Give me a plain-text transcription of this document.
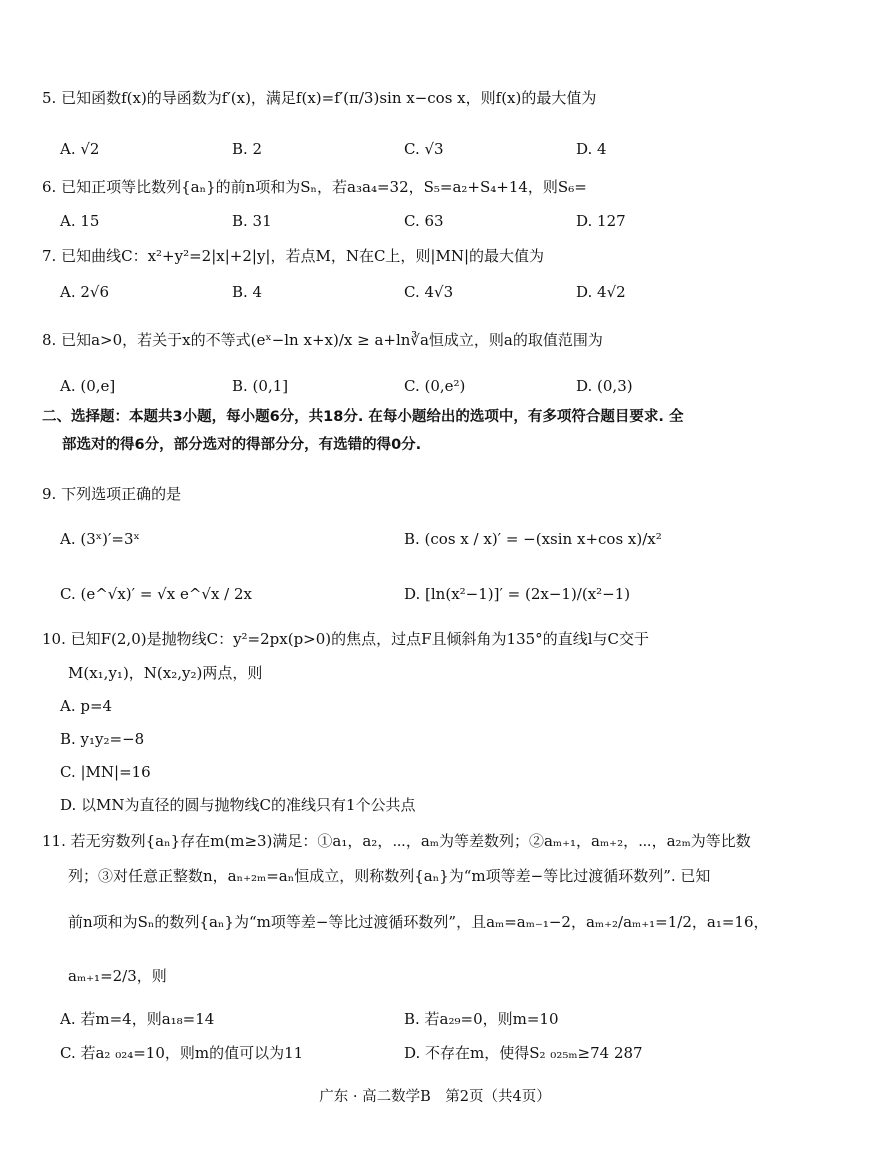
5. 已知函数f(x)的导函数为f′(x)，满足f(x)=f′(π/3)sin x−cos x，则f(x)的最大值为
A. √2	B. 2	C. √3	D. 4
6. 已知正项等比数列{aₙ}的前n项和为Sₙ，若a₃a₄=32，S₅=a₂+S₄+14，则S₆=
A. 15	B. 31	C. 63	D. 127
7. 已知曲线C：x²+y²=2|x|+2|y|，若点M，N在C上，则|MN|的最大值为
A. 2√6	B. 4	C. 4√3	D. 4√2
8. 已知a>0，若关于x的不等式(eˣ−ln x+x)/x ≥ a+ln∛a恒成立，则a的取值范围为
A. (0,e]	B. (0,1]	C. (0,e²)	D. (0,3)
二、选择题：本题共3小题，每小题6分，共18分. 在每小题给出的选项中，有多项符合题目要求. 全
部选对的得6分，部分选对的得部分分，有选错的得0分.
9. 下列选项正确的是
A. (3ˣ)′=3ˣ	B. (cos x / x)′ = −(xsin x+cos x)/x²
C. (e^√x)′ = √x e^√x / 2x	D. [ln(x²−1)]′ = (2x−1)/(x²−1)
10. 已知F(2,0)是抛物线C：y²=2px(p>0)的焦点，过点F且倾斜角为135°的直线l与C交于
M(x₁,y₁)，N(x₂,y₂)两点，则
A. p=4
B. y₁y₂=−8
C. |MN|=16
D. 以MN为直径的圆与抛物线C的准线只有1个公共点
11. 若无穷数列{aₙ}存在m(m≥3)满足：①a₁，a₂，⋯，aₘ为等差数列；②aₘ₊₁，aₘ₊₂，⋯，a₂ₘ为等比数
列；③对任意正整数n，aₙ₊₂ₘ=aₙ恒成立，则称数列{aₙ}为“m项等差−等比过渡循环数列”. 已知
前n项和为Sₙ的数列{aₙ}为“m项等差−等比过渡循环数列”，且aₘ=aₘ₋₁−2，aₘ₊₂/aₘ₊₁=1/2，a₁=16，
aₘ₊₁=2/3，则
A. 若m=4，则a₁₈=14	B. 若a₂₉=0，则m=10
C. 若a₂ ₀₂₄=10，则m的值可以为11	D. 不存在m，使得S₂ ₀₂₅ₘ≥74 287
广东 · 高二数学B　第2页（共4页）
